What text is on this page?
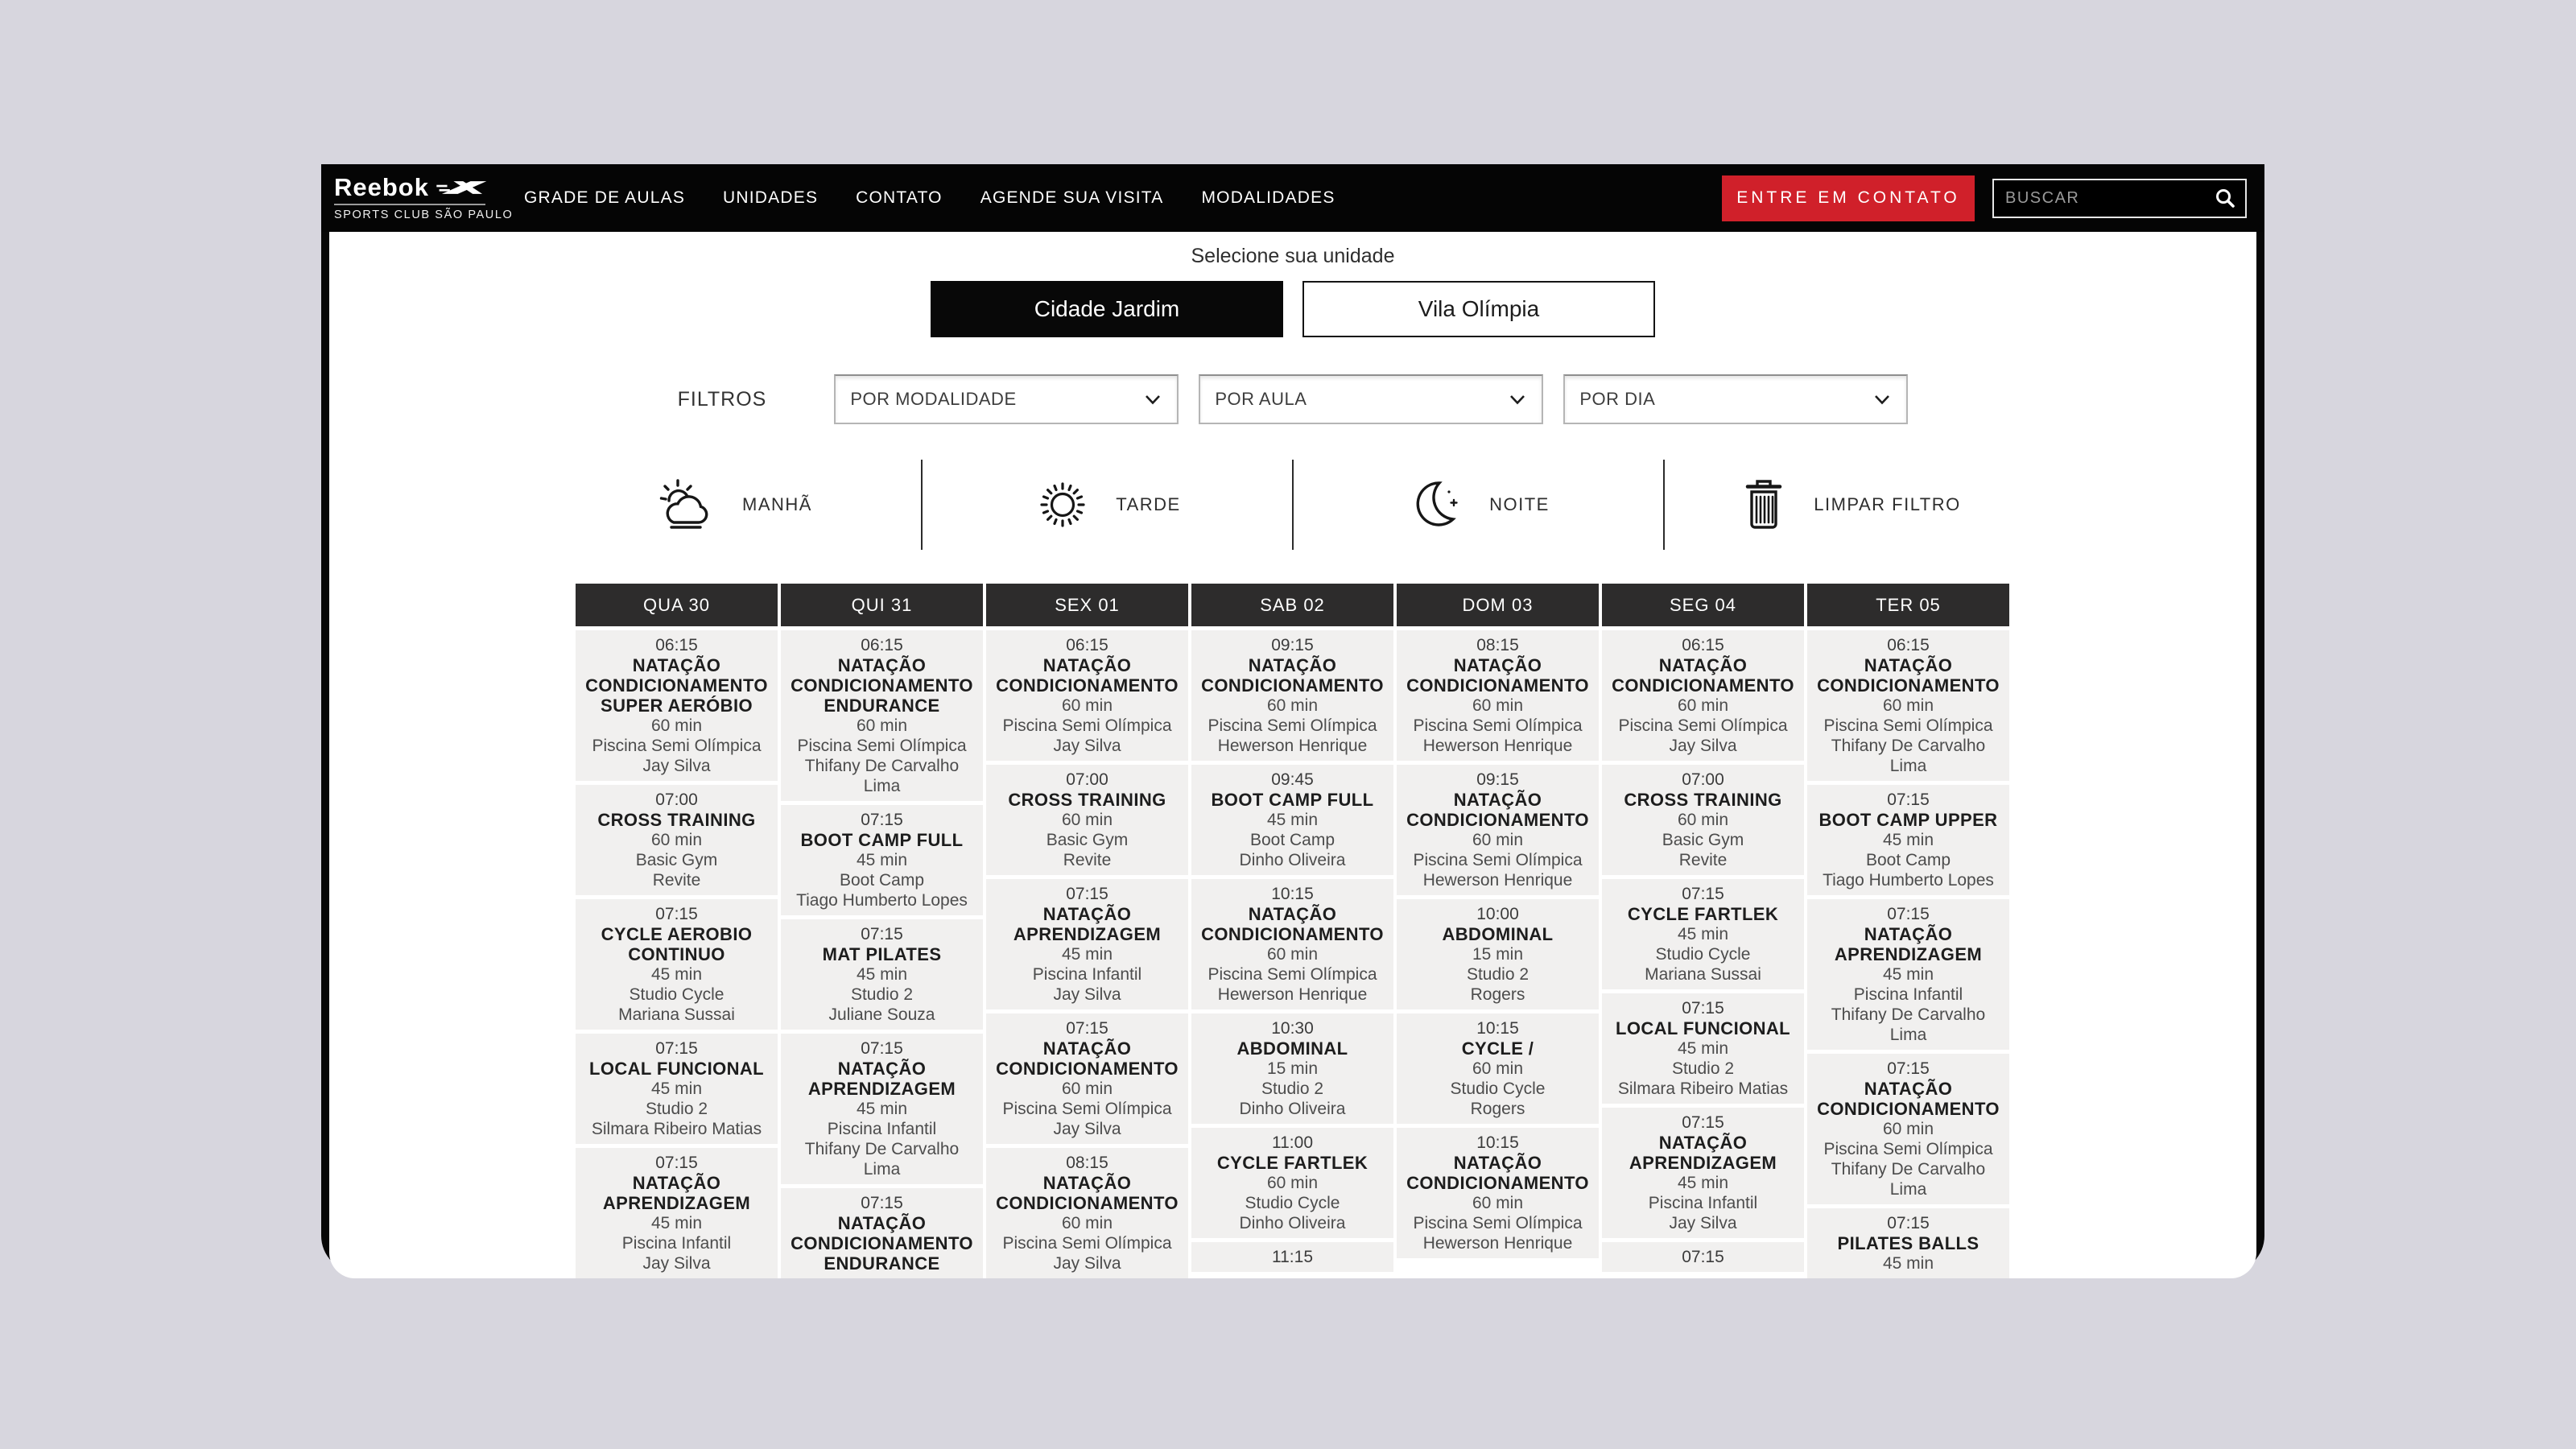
Reebok
SPORTS CLUB SÃO PAULO
GRADE DE AULAS UNIDADES CONTATO AGENDE SUA VISITA MODALIDADES	ENTRE EM CONTATO
BUSCAR
Selecione sua unidade
Cidade Jardim	Vila Olímpia
FILTROS	POR MODALIDADE	POR AULA	POR DIA
MANHÃ	TARDE	NOITE	LIMPAR FILTRO
QUA 30
06:15
NATAÇÃO CONDICIONAMENTO SUPER AERÓBIO
60 min
Piscina Semi Olímpica
Jay Silva
07:00
CROSS TRAINING
60 min
Basic Gym
Revite
07:15
CYCLE AEROBIO CONTINUO
45 min
Studio Cycle
Mariana Sussai
07:15
LOCAL FUNCIONAL
45 min
Studio 2
Silmara Ribeiro Matias
07:15
NATAÇÃO APRENDIZAGEM
45 min
Piscina Infantil
Jay Silva
QUI 31
06:15
NATAÇÃO CONDICIONAMENTO ENDURANCE
60 min
Piscina Semi Olímpica
Thifany De Carvalho Lima
07:15
BOOT CAMP FULL
45 min
Boot Camp
Tiago Humberto Lopes
07:15
MAT PILATES
45 min
Studio 2
Juliane Souza
07:15
NATAÇÃO APRENDIZAGEM
45 min
Piscina Infantil
Thifany De Carvalho Lima
07:15
NATAÇÃO CONDICIONAMENTO ENDURANCE
SEX 01
06:15
NATAÇÃO CONDICIONAMENTO
60 min
Piscina Semi Olímpica
Jay Silva
07:00
CROSS TRAINING
60 min
Basic Gym
Revite
07:15
NATAÇÃO APRENDIZAGEM
45 min
Piscina Infantil
Jay Silva
07:15
NATAÇÃO CONDICIONAMENTO
60 min
Piscina Semi Olímpica
Jay Silva
08:15
NATAÇÃO CONDICIONAMENTO
60 min
Piscina Semi Olímpica
Jay Silva
SAB 02
09:15
NATAÇÃO CONDICIONAMENTO
60 min
Piscina Semi Olímpica
Hewerson Henrique
09:45
BOOT CAMP FULL
45 min
Boot Camp
Dinho Oliveira
10:15
NATAÇÃO CONDICIONAMENTO
60 min
Piscina Semi Olímpica
Hewerson Henrique
10:30
ABDOMINAL
15 min
Studio 2
Dinho Oliveira
11:00
CYCLE FARTLEK
60 min
Studio Cycle
Dinho Oliveira
11:15
DOM 03
08:15
NATAÇÃO CONDICIONAMENTO
60 min
Piscina Semi Olímpica
Hewerson Henrique
09:15
NATAÇÃO CONDICIONAMENTO
60 min
Piscina Semi Olímpica
Hewerson Henrique
10:00
ABDOMINAL
15 min
Studio 2
Rogers
10:15
CYCLE /
60 min
Studio Cycle
Rogers
10:15
NATAÇÃO CONDICIONAMENTO
60 min
Piscina Semi Olímpica
Hewerson Henrique
SEG 04
06:15
NATAÇÃO CONDICIONAMENTO
60 min
Piscina Semi Olímpica
Jay Silva
07:00
CROSS TRAINING
60 min
Basic Gym
Revite
07:15
CYCLE FARTLEK
45 min
Studio Cycle
Mariana Sussai
07:15
LOCAL FUNCIONAL
45 min
Studio 2
Silmara Ribeiro Matias
07:15
NATAÇÃO APRENDIZAGEM
45 min
Piscina Infantil
Jay Silva
07:15
TER 05
06:15
NATAÇÃO CONDICIONAMENTO
60 min
Piscina Semi Olímpica
Thifany De Carvalho Lima
07:15
BOOT CAMP UPPER
45 min
Boot Camp
Tiago Humberto Lopes
07:15
NATAÇÃO APRENDIZAGEM
45 min
Piscina Infantil
Thifany De Carvalho Lima
07:15
NATAÇÃO CONDICIONAMENTO
60 min
Piscina Semi Olímpica
Thifany De Carvalho Lima
07:15
PILATES BALLS
45 min
